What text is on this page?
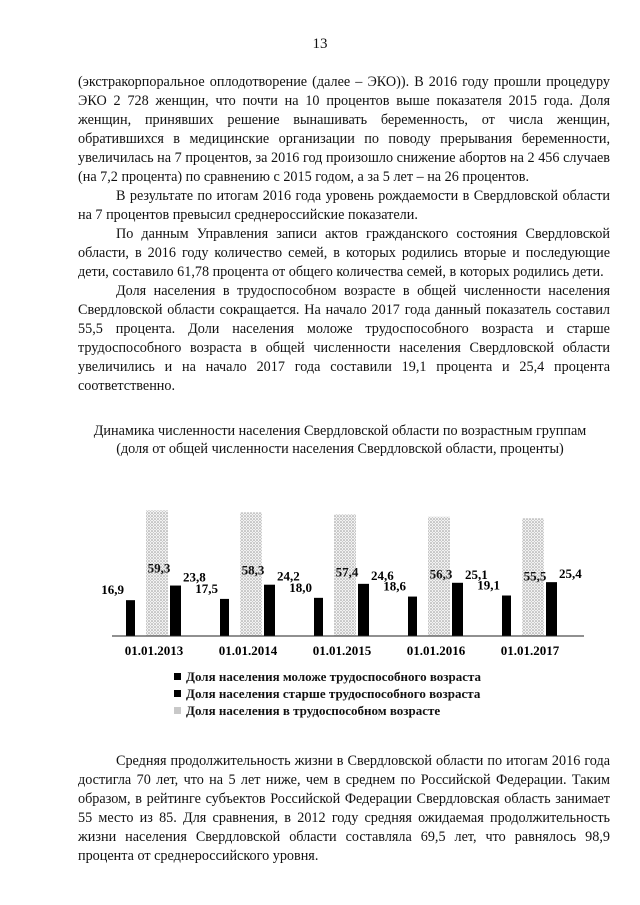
13

(экстракорпоральное оплодотворение (далее – ЭКО)). В 2016 году прошли процедуру ЭКО 2 728 женщин, что почти на 10 процентов выше показателя 2015 года. Доля женщин, принявших решение вынашивать беременность, от числа женщин, обратившихся в медицинские организации по поводу прерывания беременности, увеличилась на 7 процентов, за 2016 год произошло снижение абортов на 2 456 случаев (на 7,2 процента) по сравнению с 2015 годом, а за 5 лет – на 26 процентов.

В результате по итогам 2016 года уровень рождаемости в Свердловской области на 7 процентов превысил среднероссийские показатели.

По данным Управления записи актов гражданского состояния Свердловской области, в 2016 году количество семей, в которых родились вторые и последующие дети, составило 61,78 процента от общего количества семей, в которых родились дети.

Доля населения в трудоспособном возрасте в общей численности населения Свердловской области сокращается. На начало 2017 года данный показатель составил 55,5 процента. Доли населения моложе трудоспособного возраста и старше трудоспособного возраста в общей численности населения Свердловской области увеличились и на начало 2017 года составили 19,1 процента и 25,4 процента соответственно.

Динамика численности населения Свердловской области по возрастным группам
(доля от общей численности населения Свердловской области, проценты)
16,9
59,3
23,8
01.01.2013
17,5
58,3 24,2
01.01.2014
18,0
57,4 24,6
01.01.2015
18,6
56,3 25,1
01.01.2016
19,1
55,5 25,4
01.01.2017
Доля населения моложе трудоспособного возраста
Доля населения старше трудоспособного возраста
Доля населения в трудоспособном возрасте

Средняя продолжительность жизни в Свердловской области по итогам 2016 года достигла 70 лет, что на 5 лет ниже, чем в среднем по Российской Федерации. Таким образом, в рейтинге субъектов Российской Федерации Свердловская область занимает 55 место из 85. Для сравнения, в 2012 году средняя ожидаемая продолжительность жизни населения Свердловской области составляла 69,5 лет, что равнялось 98,9 процента от среднероссийского уровня.
